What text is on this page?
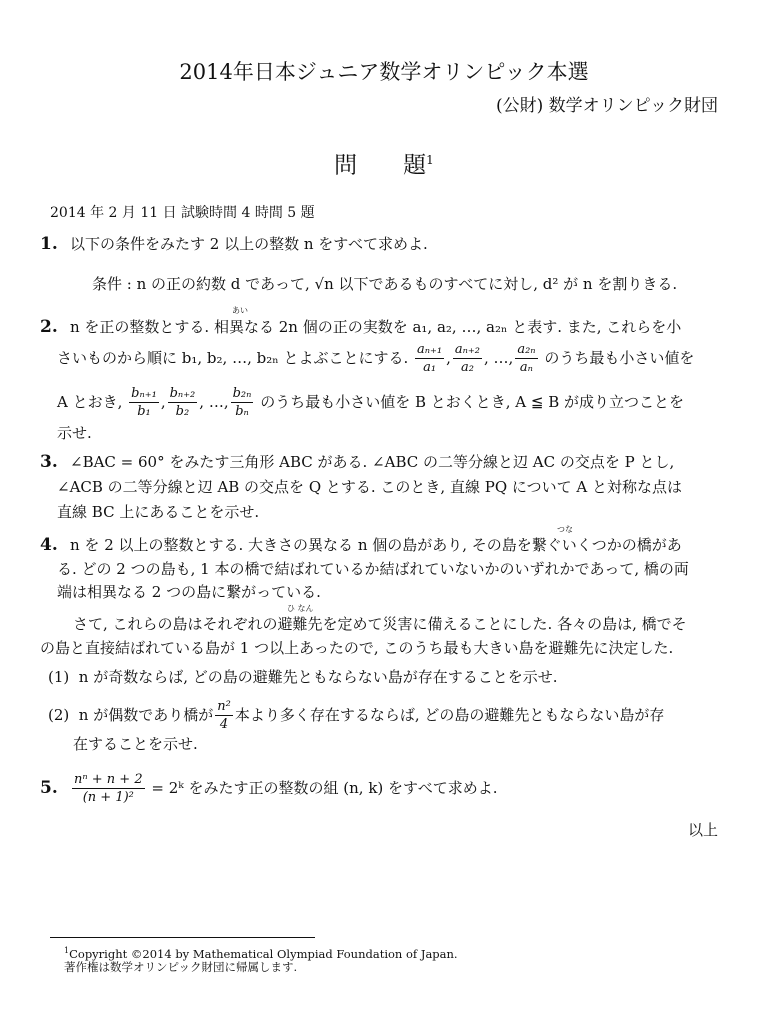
2014年日本ジュニア数学オリンピック本選
(公財) 数学オリンピック財団
問　　題$^1$
2014 年 2 月 11 日 試験時間 4 時間 5 題
1. 以下の条件をみたす 2 以上の整数 n をすべて求めよ.
条件 : n の正の約数 d であって, √n 以下であるものすべてに対し, d² が n を割りきる.
あい
2. n を正の整数とする. 相異なる 2n 個の正の実数を a₁, a₂, …, a₂ₙ と表す. また, これらを小
さいものから順に b₁, b₂, …, b₂ₙ とよぶことにする.
$\frac{\text{aₙ₊₁}}{\text{a₁}}$ , $\frac{\text{aₙ₊₂}}{\text{a₂}}$ , …, $\frac{\text{a₂ₙ}}{\text{aₙ}}$
のうち最も小さい値を
A とおき,
$\frac{\text{bₙ₊₁}}{\text{b₁}}$ , $\frac{\text{bₙ₊₂}}{\text{b₂}}$ , …, $\frac{\text{b₂ₙ}}{\text{bₙ}}$
のうち最も小さい値を B とおくとき, A ≦ B が成り立つことを
示せ.
3. ∠BAC = 60° をみたす三角形 ABC がある. ∠ABC の二等分線と辺 AC の交点を P とし,
∠ACB の二等分線と辺 AB の交点を Q とする. このとき, 直線 PQ について A と対称な点は
直線 BC 上にあることを示せ.
つな
4. n を 2 以上の整数とする. 大きさの異なる n 個の島があり, その島を繋ぐいくつかの橋があ
る. どの 2 つの島も, 1 本の橋で結ばれているか結ばれていないかのいずれかであって, 橋の両
端は相異なる 2 つの島に繋がっている.
ひ なん
さて, これらの島はそれぞれの避難先を定めて災害に備えることにした. 各々の島は, 橋でそ
の島と直接結ばれている島が 1 つ以上あったので, このうち最も大きい島を避難先に決定した.
(1) n が奇数ならば, どの島の避難先ともならない島が存在することを示せ.
(2)
n が偶数であり橋が $\frac{\text{n²}}{4}$ 本より多く存在するならば, どの島の避難先ともならない島が存
在することを示せ.
5.	$\frac{\text{nⁿ + n + 2}}{\text{(n + 1)²}}$
= 2ᵏ をみたす正の整数の組 (n, k) をすべて求めよ.
以上
$^1$Copyright ©2014 by Mathematical Olympiad Foundation of Japan.
著作権は数学オリンピック財団に帰属します.
